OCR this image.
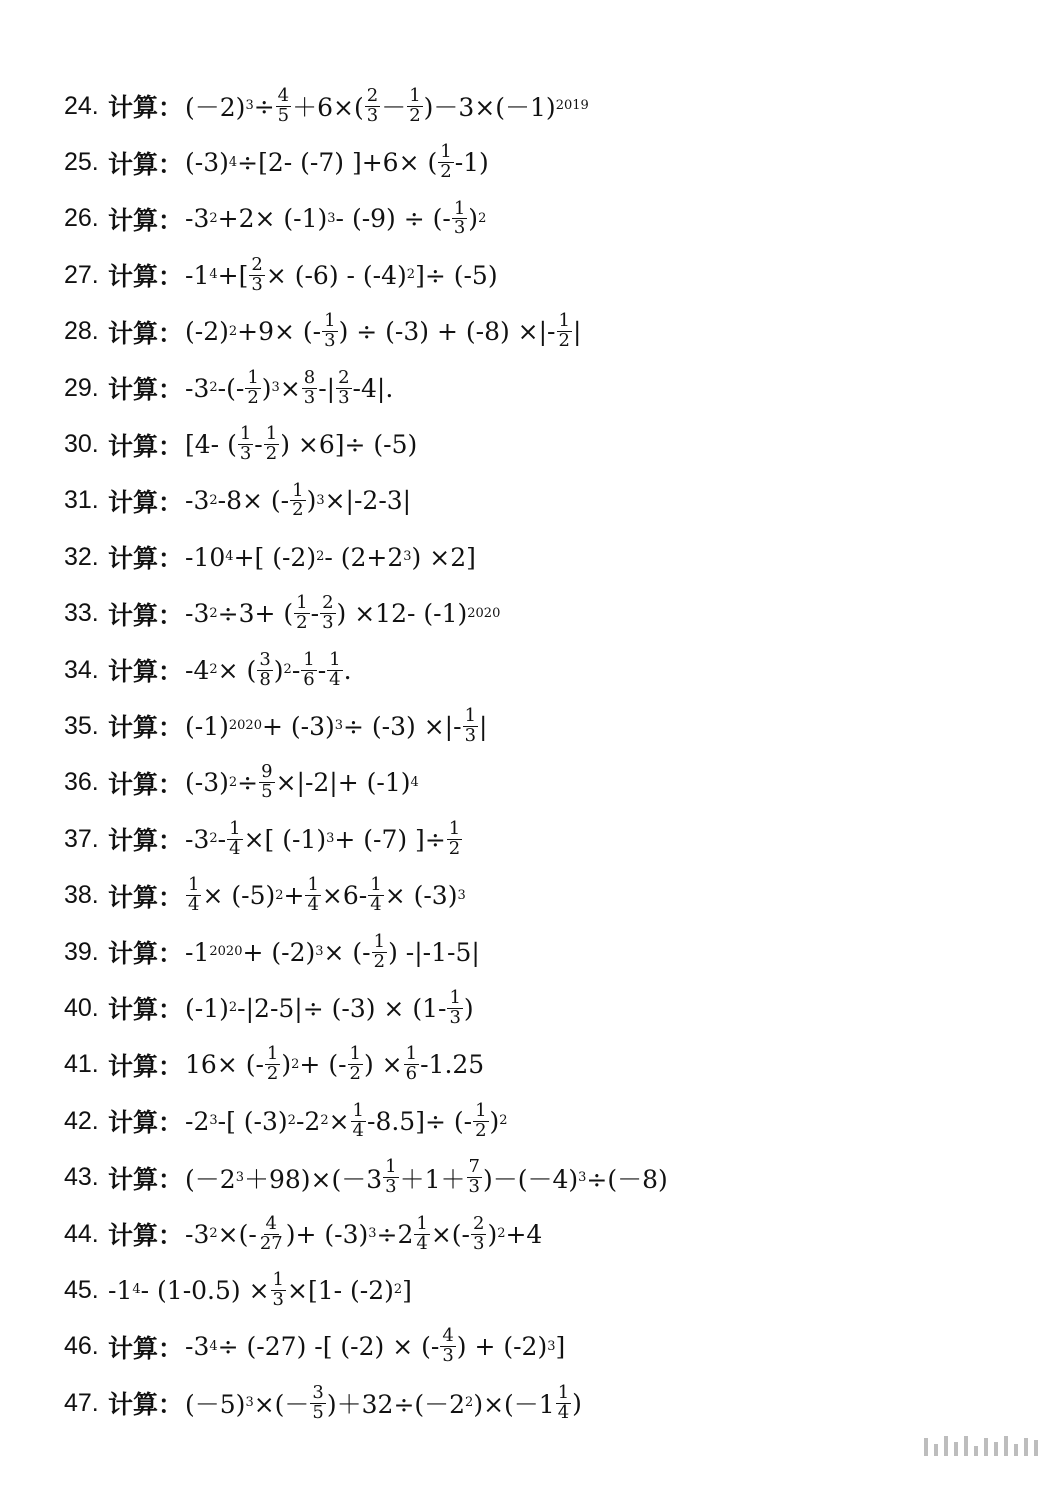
24. 计算： (－2) 3 ÷ 4
5 ＋6×( 2
3 － 1
2 )－3×(－1) 2019
25. 计算： (-3) 4 ÷[2- (-7) ]+6× ( 1
2 -1)
26. 计算： -3 2 +2× (-1) 3 - (-9) ÷ (- 1
3 ) 2
27. 计算： -1 4 +[ 2
3 × (-6) - (-4) 2 ]÷ (-5)
28. 计算： (-2) 2 +9× (- 1
3 ) ÷ (-3) + (-8) ×|- 1
2 |
29. 计算： -3 2 -(- 1
2 ) 3 × 8
3 -| 2
3 -4|.
30. 计算： [4- ( 1
3 - 1
2 ) ×6]÷ (-5)
31. 计算： -3 2 -8× (- 1
2 ) 3 ×|-2-3|
32. 计算： -10 4 +[ (-2) 2 - (2+2 3 ) ×2]
33. 计算： -3 2 ÷3+ ( 1
2 - 2
3 ) ×12- (-1) 2020
34. 计算： -4 2 × ( 3
8 ) 2 - 1
6 - 1
4 .
35. 计算： (-1) 2020 + (-3) 3 ÷ (-3) ×|- 1
3 |
36. 计算： (-3) 2 ÷ 9
5 ×|-2|+ (-1) 4
37. 计算： -3 2 - 1
4 ×[ (-1) 3 + (-7) ]÷ 1
2
38. 计算： 1
4 × (-5) 2 + 1
4 ×6- 1
4 × (-3) 3
39. 计算： -1 2020 + (-2) 3 × (- 1
2 ) -|-1-5|
40. 计算： (-1) 2 -|2-5|÷ (-3) × (1- 1
3 )
41. 计算： 16× (- 1
2 ) 2 + (- 1
2 ) × 1
6 -1.25
42. 计算： -2 3 -[ (-3) 2 -2 2 × 1
4 -8.5]÷ (- 1
2 ) 2
43. 计算： (－2 3 ＋98)×(－3 1
3 ＋1＋ 7
3 )－(－4) 3 ÷(－8)
44. 计算： -3 2 ×(- 4
27 )+ (-3) 3 ÷2 1
4 ×(- 2
3 ) 2 +4
45. -1 4 - (1-0.5) × 1
3 ×[1- (-2) 2 ]
46. 计算： -3 4 ÷ (-27) -[ (-2) × (- 4
3 ) + (-2) 3 ]
47. 计算： (－5) 3 ×(－ 3
5 )＋32÷(－2 2 )×(－1 1
4 )
